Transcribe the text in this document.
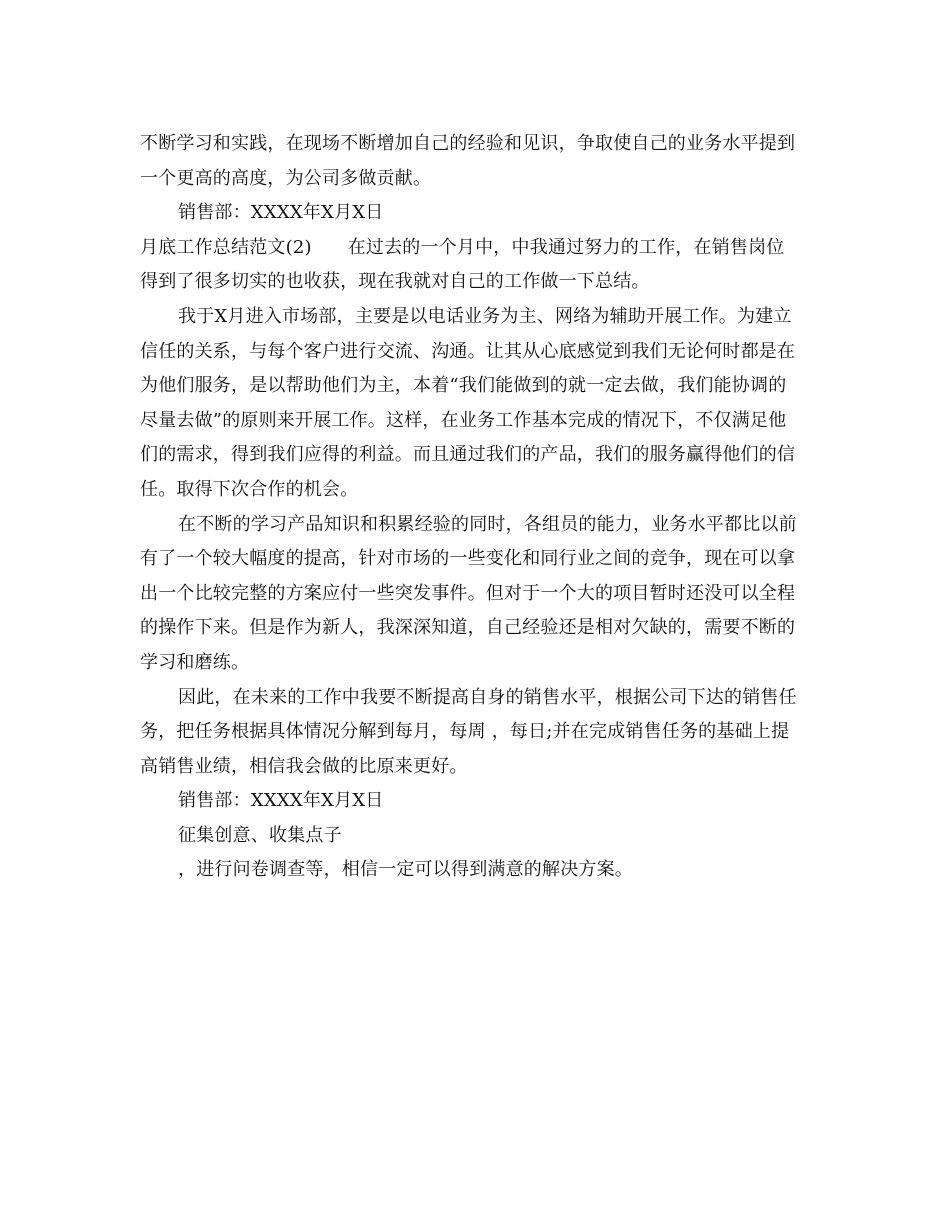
不断学习和实践，在现场不断增加自己的经验和见识，争取使自己的业务水平提到
一个更高的高度，为公司多做贡献。
销售部：XXXX年X月X日
月底工作总结范文(2) 在过去的一个月中，中我通过努力的工作，在销售岗位
得到了很多切实的也收获，现在我就对自己的工作做一下总结。
我于X月进入市场部，主要是以电话业务为主、网络为辅助开展工作。为建立
信任的关系，与每个客户进行交流、沟通。让其从心底感觉到我们无论何时都是在
为他们服务，是以帮助他们为主，本着“我们能做到的就一定去做，我们能协调的
尽量去做”的原则来开展工作。这样，在业务工作基本完成的情况下，不仅满足他
们的需求，得到我们应得的利益。而且通过我们的产品，我们的服务赢得他们的信
任。取得下次合作的机会。
在不断的学习产品知识和积累经验的同时，各组员的能力，业务水平都比以前
有了一个较大幅度的提高，针对市场的一些变化和同行业之间的竞争，现在可以拿
出一个比较完整的方案应付一些突发事件。但对于一个大的项目暂时还没可以全程
的操作下来。但是作为新人，我深深知道，自己经验还是相对欠缺的，需要不断的
学习和磨练。
因此，在未来的工作中我要不断提高自身的销售水平，根据公司下达的销售任
务，把任务根据具体情况分解到每月，每周 ，每日;并在完成销售任务的基础上提
高销售业绩，相信我会做的比原来更好。
销售部：XXXX年X月X日
征集创意、收集点子
，进行问卷调查等，相信一定可以得到满意的解决方案。
